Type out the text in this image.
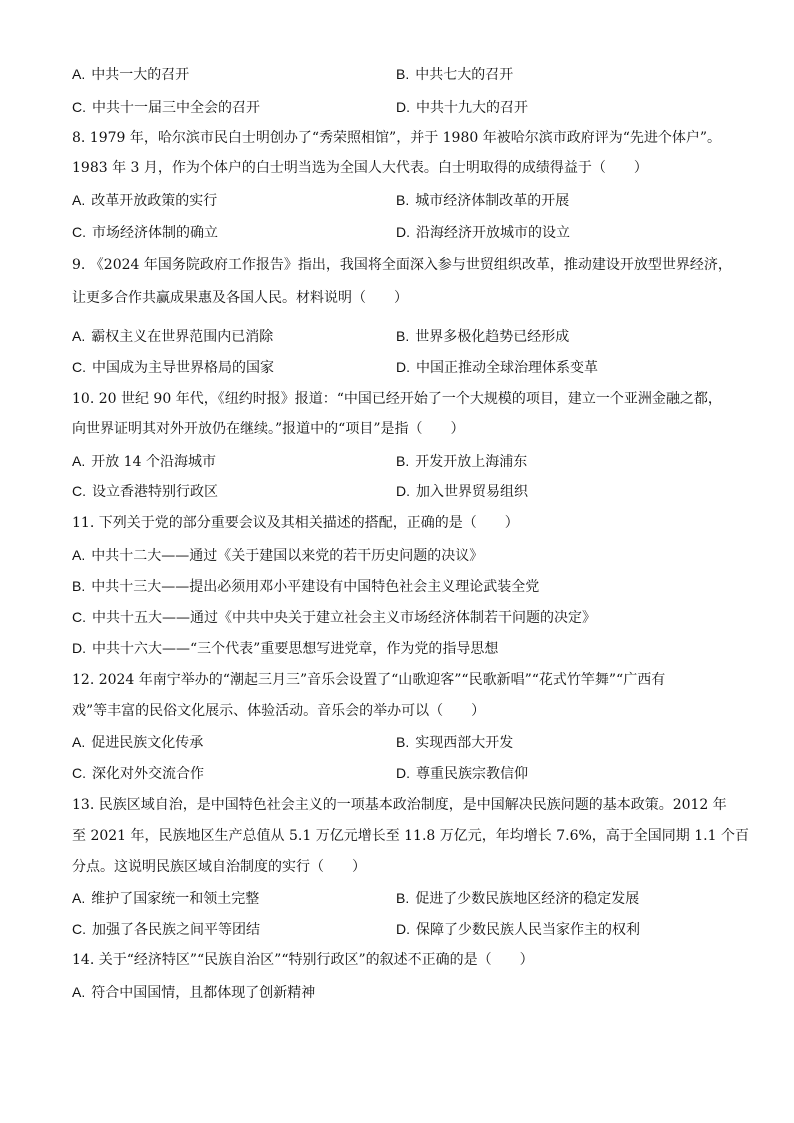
A. 中共一大的召开	B. 中共七大的召开
C. 中共十一届三中全会的召开	D. 中共十九大的召开
8. 1979 年，哈尔滨市民白士明创办了“秀荣照相馆”，并于 1980 年被哈尔滨市政府评为“先进个体户”。
1983 年 3 月，作为个体户的白士明当选为全国人大代表。白士明取得的成绩得益于（　　）
A. 改革开放政策的实行	B. 城市经济体制改革的开展
C. 市场经济体制的确立	D. 沿海经济开放城市的设立
9. 《2024 年国务院政府工作报告》指出，我国将全面深入参与世贸组织改革，推动建设开放型世界经济，
让更多合作共赢成果惠及各国人民。材料说明（　　）
A. 霸权主义在世界范围内已消除	B. 世界多极化趋势已经形成
C. 中国成为主导世界格局的国家	D. 中国正推动全球治理体系变革
10. 20 世纪 90 年代，《纽约时报》报道：“中国已经开始了一个大规模的项目，建立一个亚洲金融之都，
向世界证明其对外开放仍在继续。”报道中的“项目”是指（　　）
A. 开放 14 个沿海城市	B. 开发开放上海浦东
C. 设立香港特别行政区	D. 加入世界贸易组织
11. 下列关于党的部分重要会议及其相关描述的搭配，正确的是（　　）
A. 中共十二大——通过《关于建国以来党的若干历史问题的决议》
B. 中共十三大——提出必须用邓小平建设有中国特色社会主义理论武装全党
C. 中共十五大——通过《中共中央关于建立社会主义市场经济体制若干问题的决定》
D. 中共十六大——“三个代表”重要思想写进党章，作为党的指导思想
12. 2024 年南宁举办的“潮起三月三”音乐会设置了“山歌迎客”“民歌新唱”“花式竹竿舞”“广西有
戏”等丰富的民俗文化展示、体验活动。音乐会的举办可以（　　）
A. 促进民族文化传承	B. 实现西部大开发
C. 深化对外交流合作	D. 尊重民族宗教信仰
13. 民族区域自治，是中国特色社会主义的一项基本政治制度，是中国解决民族问题的基本政策。2012 年
至 2021 年，民族地区生产总值从 5.1 万亿元增长至 11.8 万亿元，年均增长 7.6%，高于全国同期 1.1 个百
分点。这说明民族区域自治制度的实行（　　）
A. 维护了国家统一和领土完整	B. 促进了少数民族地区经济的稳定发展
C. 加强了各民族之间平等团结	D. 保障了少数民族人民当家作主的权利
14. 关于“经济特区”“民族自治区”“特别行政区”的叙述不正确的是（　　）
A. 符合中国国情，且都体现了创新精神
